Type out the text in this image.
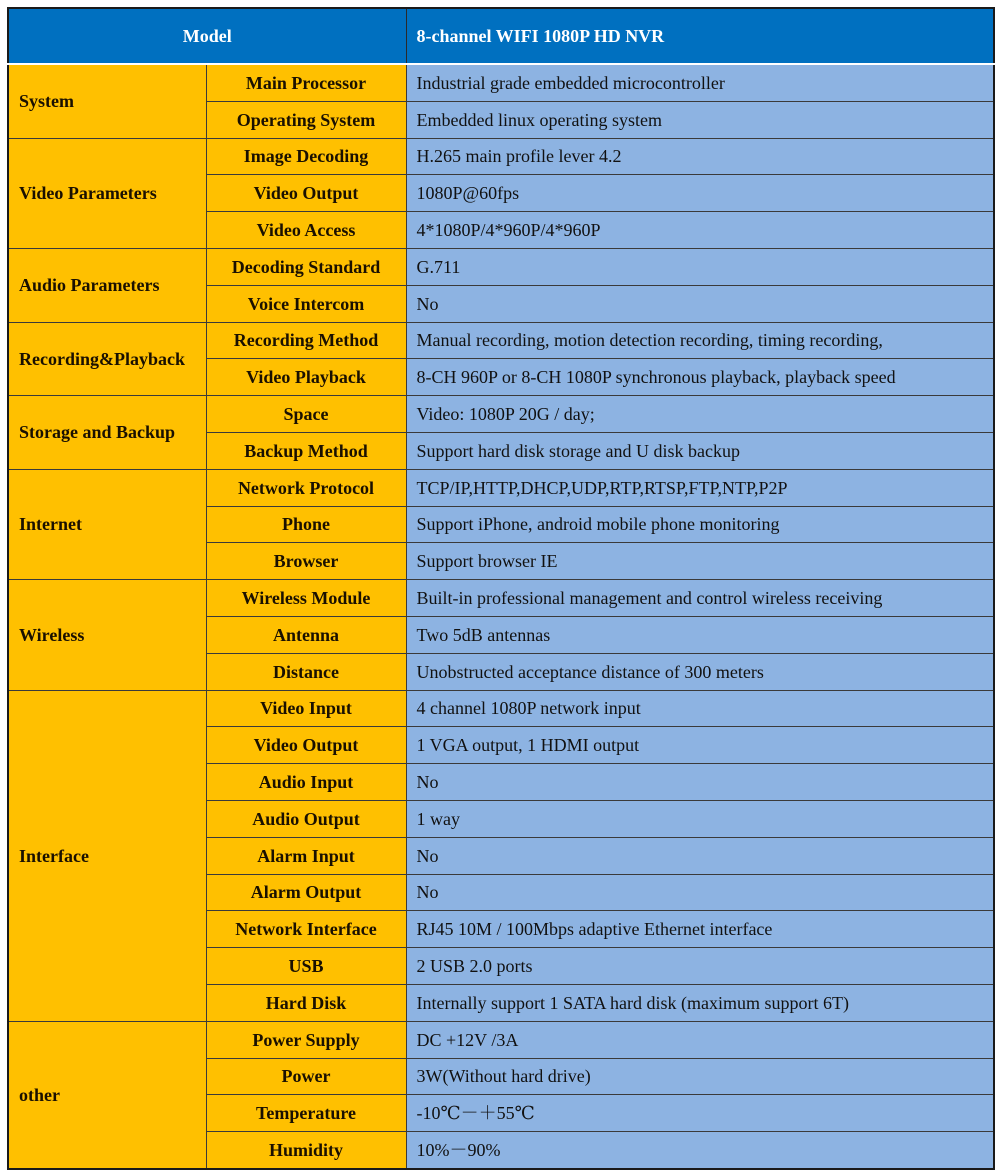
Model		8-channel WIFI 1080P HD NVR
System	Main Processor	Industrial grade embedded microcontroller
	Operating System	Embedded linux operating system
Video Parameters	Image Decoding	H.265 main profile lever 4.2
	Video Output	1080P@60fps
	Video Access	4*1080P/4*960P/4*960P
Audio Parameters	Decoding Standard	G.711
	Voice Intercom	No
Recording&Playback	Recording Method	Manual recording, motion detection recording, timing recording,
	Video Playback	8-CH 960P or 8-CH 1080P synchronous playback, playback speed
Storage and Backup	Space	Video: 1080P 20G / day;
	Backup Method	Support hard disk storage and U disk backup
Internet	Network Protocol	TCP/IP,HTTP,DHCP,UDP,RTP,RTSP,FTP,NTP,P2P
	Phone	Support iPhone, android mobile phone monitoring
	Browser	Support browser IE
Wireless	Wireless Module	Built-in professional management and control wireless receiving
	Antenna	Two 5dB antennas
	Distance	Unobstructed acceptance distance of 300 meters
Interface	Video Input	4 channel 1080P network input
	Video Output	1 VGA output, 1 HDMI output
	Audio Input	No
	Audio Output	1 way
	Alarm Input	No
	Alarm Output	No
	Network Interface	RJ45 10M / 100Mbps adaptive Ethernet interface
	USB	2 USB 2.0 ports
	Hard Disk	Internally support 1 SATA hard disk (maximum support 6T)
other	Power Supply	DC +12V /3A
	Power	3W(Without hard drive)
	Temperature	-10℃－＋55℃
	Humidity	10%－90%
